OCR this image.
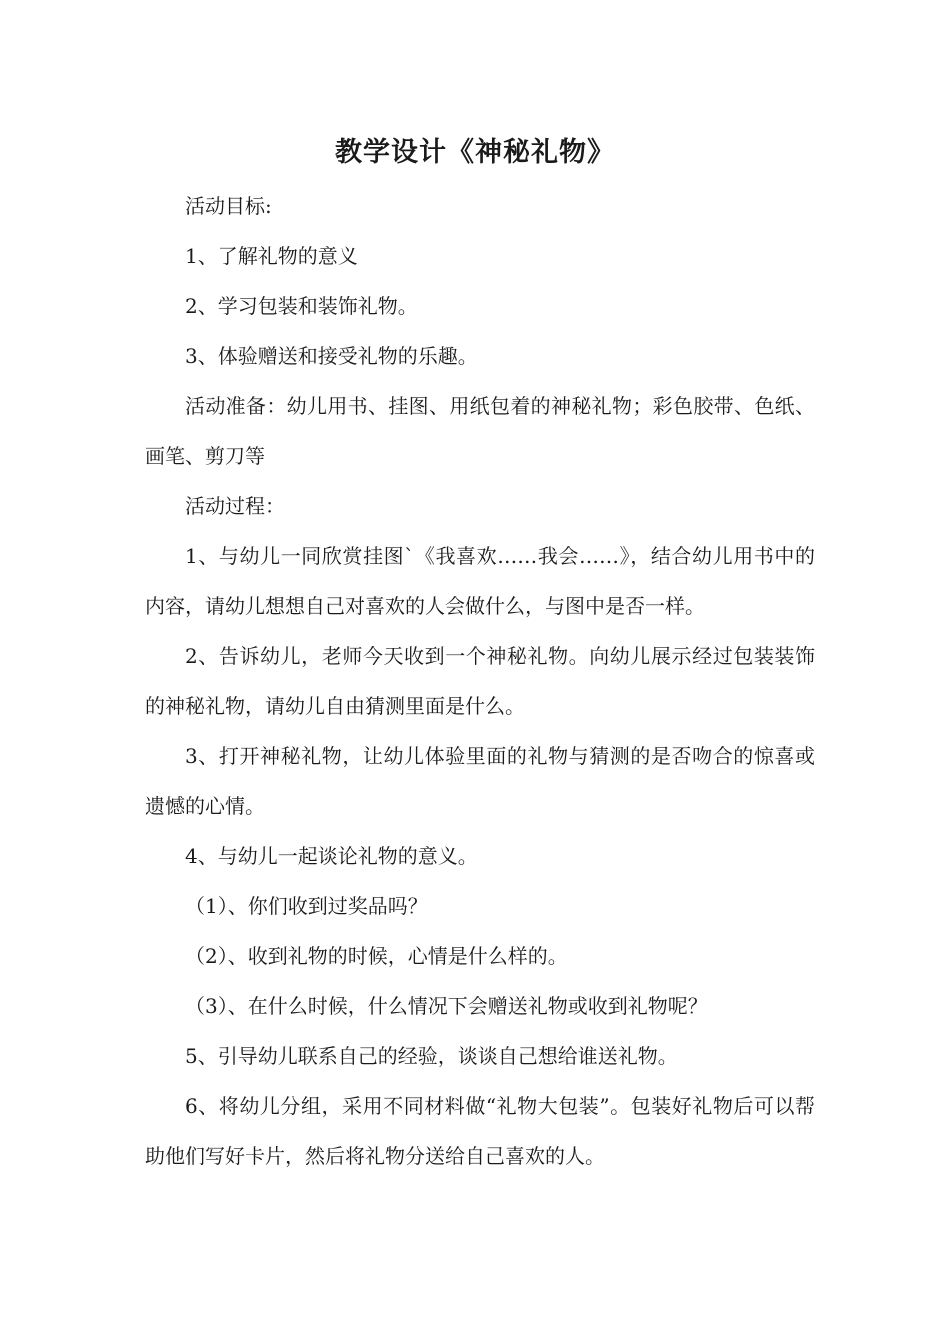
教学设计《神秘礼物》

活动目标:

1、了解礼物的意义

2、学习包装和装饰礼物。

3、体验赠送和接受礼物的乐趣。

活动准备：幼儿用书、挂图、用纸包着的神秘礼物；彩色胶带、色纸、画笔、剪刀等

活动过程：

1、与幼儿一同欣赏挂图`《我喜欢……我会……》，结合幼儿用书中的内容，请幼儿想想自己对喜欢的人会做什么，与图中是否一样。

2、告诉幼儿，老师今天收到一个神秘礼物。向幼儿展示经过包装装饰的神秘礼物，请幼儿自由猜测里面是什么。

3、打开神秘礼物，让幼儿体验里面的礼物与猜测的是否吻合的惊喜或遗憾的心情。

4、与幼儿一起谈论礼物的意义。

（1）、你们收到过奖品吗？

（2）、收到礼物的时候，心情是什么样的。

（3）、在什么时候，什么情况下会赠送礼物或收到礼物呢？

5、引导幼儿联系自己的经验，谈谈自己想给谁送礼物。

6、将幼儿分组，采用不同材料做“礼物大包装”。包装好礼物后可以帮助他们写好卡片，然后将礼物分送给自己喜欢的人。
